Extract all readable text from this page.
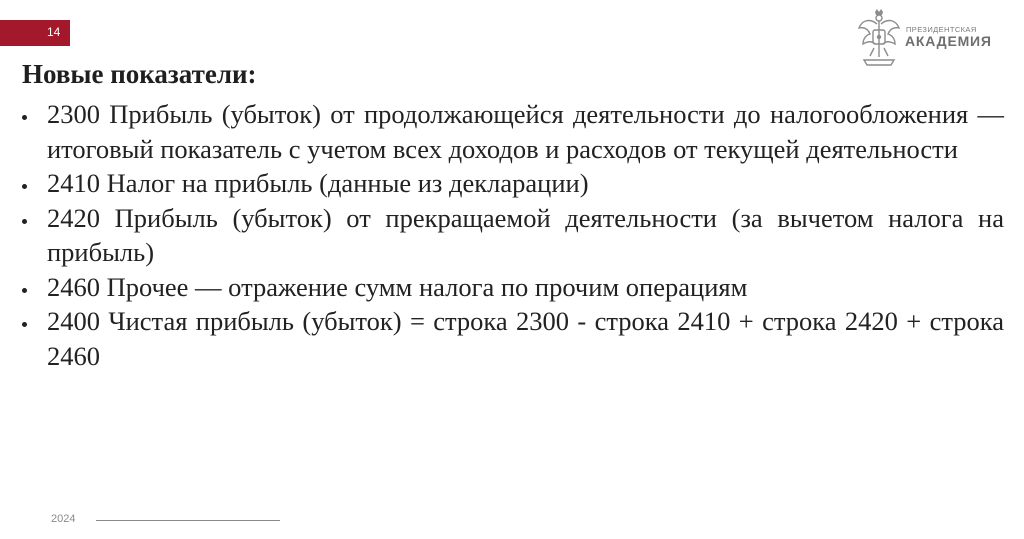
14	ПРЕЗИДЕНТСКАЯ
АКАДЕМИЯ
Новые показатели:
2300 Прибыль (убыток) от продолжающейся деятельности до налогообложения — итоговый показатель с учетом всех доходов и расходов от текущей деятельности
2410 Налог на прибыль (данные из декларации)
2420 Прибыль (убыток) от прекращаемой деятельности (за вычетом налога на прибыль)
2460 Прочее — отражение сумм налога по прочим операциям
2400 Чистая прибыль (убыток) = строка 2300 - строка 2410 + строка 2420 + строка 2460
2024
